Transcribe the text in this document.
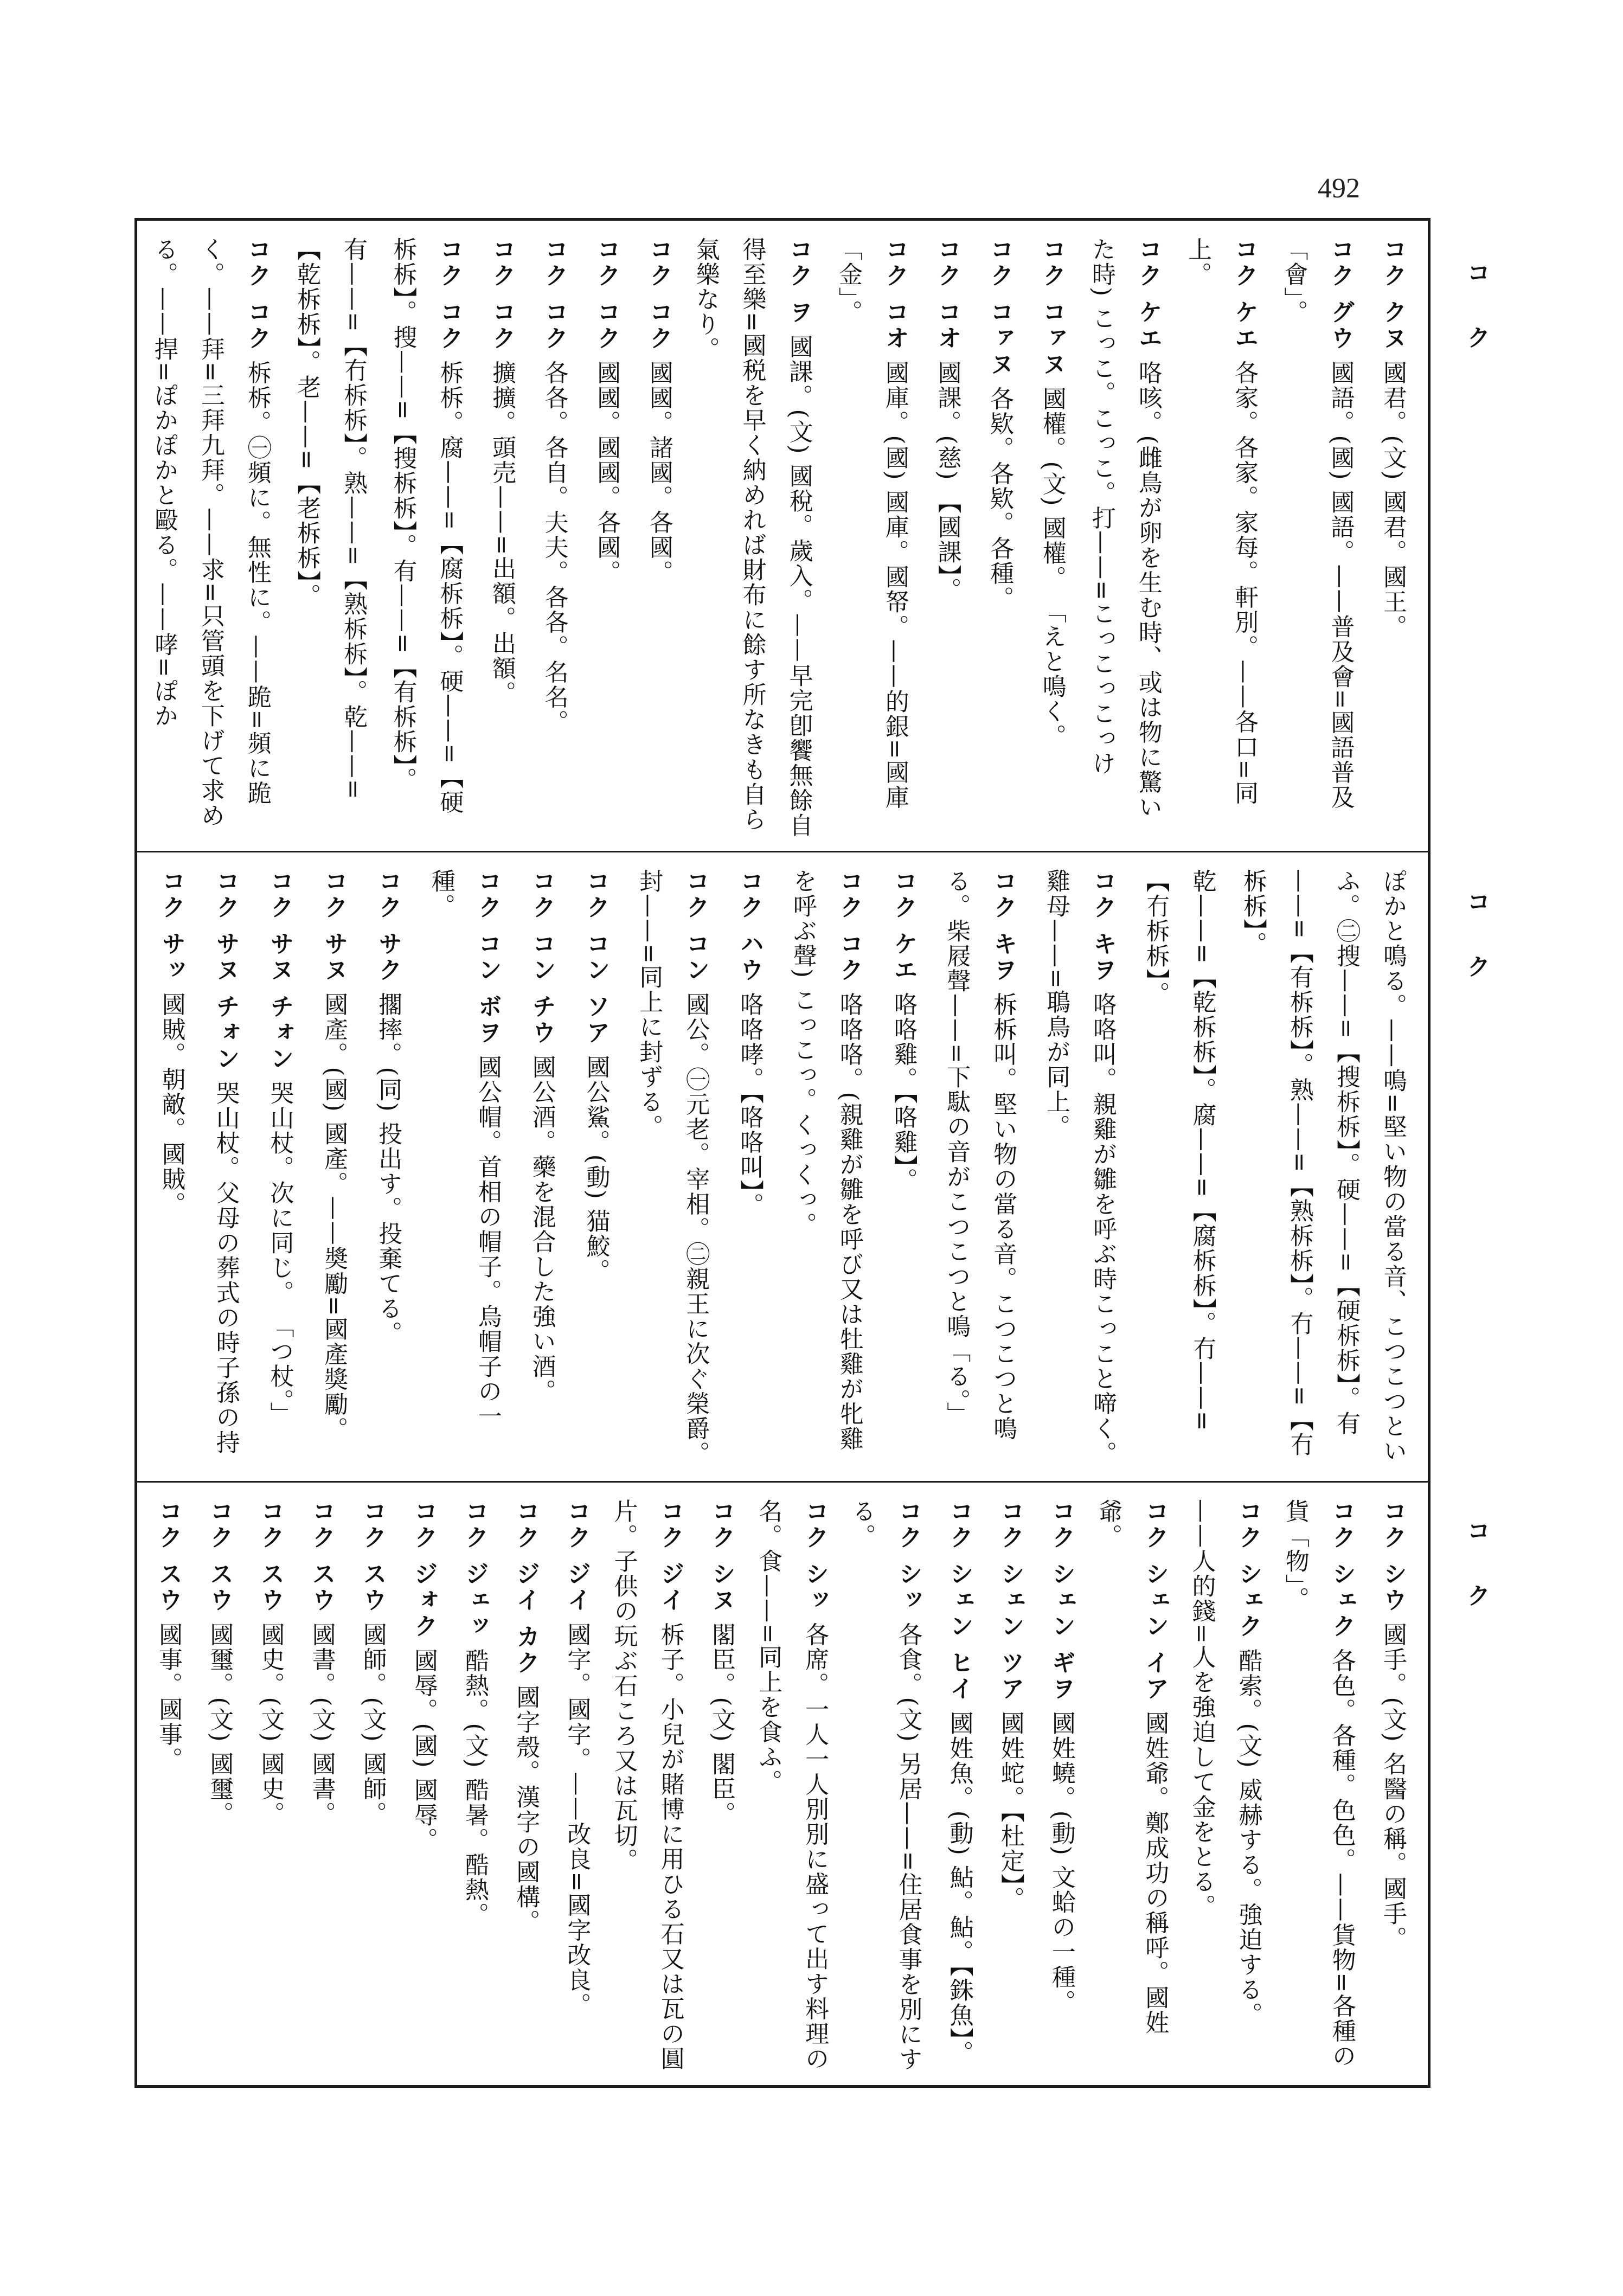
492
コ ク
コ ク
コ ク
コク クヌ 國君。(文) 國君。國王。
コク グウ 國語。(國) 國語。——普及會=國語普及「會」。
コク ケエ 各家。各家。家每。軒別。——各口=同上。
コク ケエ 咯咳。(雌鳥が卵を生む時、或は物に驚いた時) こっこ。こっこ。打——=こっこっこっけ
コク コァヌ 國權。(文) 國權。 「えと鳴く。
コク コァヌ 各欵。各欵。各種。
コク コオ 國課。(慈) 【國課】。
コク コオ 國庫。(國) 國庫。國帑。——的銀=國庫「金」。
コク ヲ 國課。(文) 國稅。歲入。——早完卽饗無餘自得至樂=國税を早く納めれば財布に餘す所なきも自ら氣樂なり。
コク コク 國國。諸國。各國。
コク コク 國國。國國。各國。
コク コク 各各。各自。夫夫。各各。名名。
コク コク 擴擴。頭売——=出額。出額。
コク コク 柝柝。腐——=【腐柝柝】。硬——=【硬柝柝】。搜——=【搜柝柝】。有——=【有柝柝】。
有——=【冇柝柝】。熟——=【熟柝柝】。乾——=【乾柝柝】。老——=【老柝柝】。
コク コク 柝柝。㊀頻に。無性に。——跪=頻に跪く。——拜=三拜九拜。——求=只管頭を下げて求める。——捍=ぽかぽかと毆る。——哮=ぽか
ぽかと鳴る。——鳴=堅い物の當る音、こつこつといふ。㊁搜——=【搜柝柝】。硬——=【硬柝柝】。有——=【有柝柝】。熟——=【熟柝柝】。冇——=【冇柝柝】。
乾——=【乾柝柝】。腐——=【腐柝柝】。冇——=【冇柝柝】。
コク キヲ 咯咯叫。親雞が雛を呼ぶ時こっこと啼く。雞母——=鵈鳥が同上。
コク キヲ 柝柝叫。堅い物の當る音。こつこつと鳴る。柴屐聲——=下駄の音がこつこつと鳴「る。」
コク ケエ 咯咯雞。【咯雞】。
コク コク 咯咯咯。(親雞が雛を呼び又は牡雞が牝雞を呼ぶ聲) こっこっ。くっくっ。
コク ハウ 咯咯哮。【咯咯叫】。
コク コン 國公。㊀元老。宰相。㊁親王に次ぐ榮爵。封——=同上に封ずる。
コク コン ソア 國公鯊。(動) 猫鮫。
コク コン チウ 國公酒。藥を混合した強い酒。
コク コン ボヲ 國公帽。首相の帽子。烏帽子の一種。
コク サク 擱摔。(同) 投出す。投棄てる。
コク サヌ 國產。(國) 國產。——奬勵=國產獎勵。
コク サヌ チォン 哭山杖。次に同じ。 「つ杖。」
コク サヌ チォン 哭山杖。父母の葬式の時子孫の持
コク サッ 國賊。朝敵。國賊。
コク シウ 國手。(文) 名醫の稱。國手。
コク シェク 各色。各種。色色。——貨物=各種の貨「物」。
コク シェク 酷索。(文) 威赫する。強迫する。——人的錢=人を強迫して金をとる。
コク シェン イア 國姓爺。鄭成功の稱呼。國姓爺。
コク シェン ギヲ 國姓蟯。(動) 文蛤の一種。
コク シェン ツア 國姓蛇。【杜定】。
コク シェン ヒイ 國姓魚。(動) 鮎。鮎。【銖魚】。
コク シッ 各食。(文) 另居——=住居食事を別にする。
コク シッ 各席。一人一人別別に盛って出す料理の名。食——=同上を食ふ。
コク シヌ 閣臣。(文) 閣臣。
コク ジイ 柝子。小兒が賭博に用ひる石又は瓦の圓片。子供の玩ぶ石ころ又は瓦切。
コク ジイ 國字。國字。——改良=國字改良。
コク ジイ カク 國字殼。漢字の國構。
コク ジェッ 酷熱。(文) 酷暑。酷熱。
コク ジォク 國辱。(國) 國辱。
コク スウ 國師。(文) 國師。
コク スウ 國書。(文) 國書。
コク スウ 國史。(文) 國史。
コク スウ 國璽。(文) 國璽。
コク スウ 國事。國事。
